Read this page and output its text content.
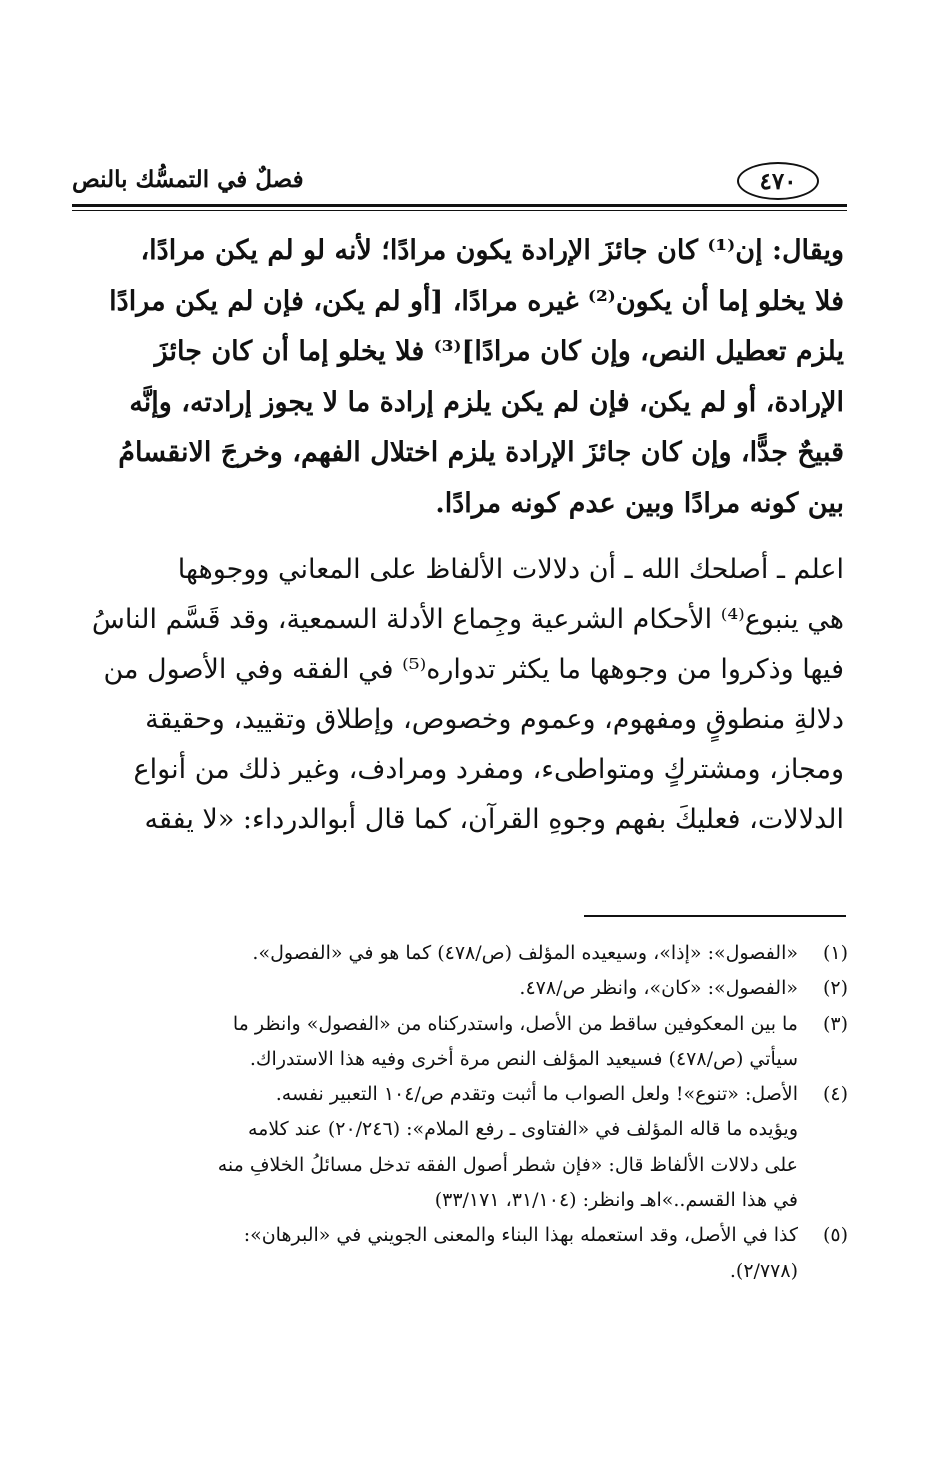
٤٧٠
فصلٌ في التمسُّك بالنص
ويقال: إن⁽¹⁾ كان جائزَ الإرادة يكون مرادًا؛ لأنه لو لم يكن مرادًا،
فلا يخلو إما أن يكون⁽²⁾ غيره مرادًا، [أو لم يكن، فإن لم يكن مرادًا
يلزم تعطيل النص، وإن كان مرادًا]⁽³⁾ فلا يخلو إما أن كان جائزَ
الإرادة، أو لم يكن، فإن لم يكن يلزم إرادة ما لا يجوز إرادته، وإنَّه
قبيحٌ جدًّا، وإن كان جائزَ الإرادة يلزم اختلال الفهم، وخرجَ الانقسامُ
بين كونه مرادًا وبين عدم كونه مرادًا.
اعلم ـ أصلحك الله ـ أن دلالات الألفاظ على المعاني ووجوهها
هي ينبوع⁽⁴⁾ الأحكام الشرعية وجِماع الأدلة السمعية، وقد قَسَّم الناسُ
فيها وذكروا من وجوهها ما يكثر تدواره⁽⁵⁾ في الفقه وفي الأصول من
دلالةِ منطوقٍ ومفهوم، وعموم وخصوص، وإطلاق وتقييد، وحقيقة
ومجاز، ومشتركٍ ومتواطىء، ومفرد ومرادف، وغير ذلك من أنواع
الدلالات، فعليكَ بفهم وجوهِ القرآن، كما قال أبوالدرداء: «لا يفقه
(١)
«الفصول»: «إذا»، وسيعيده المؤلف (ص/٤٧٨) كما هو في «الفصول».
(٢)
«الفصول»: «كان»، وانظر ص/٤٧٨.
(٣)
ما بين المعكوفين ساقط من الأصل، واستدركناه من «الفصول» وانظر ما
سيأتي (ص/٤٧٨) فسيعيد المؤلف النص مرة أخرى وفيه هذا الاستدراك.
(٤)
الأصل: «تنوع»! ولعل الصواب ما أثبت وتقدم ص/١٠٤ التعبير نفسه.
ويؤيده ما قاله المؤلف في «الفتاوى ـ رفع الملام»: (٢٠/٢٤٦) عند كلامه
على دلالات الألفاظ قال: «فإن شطر أصول الفقه تدخل مسائلُ الخلافِ منه
في هذا القسم..»اهـ وانظر: (٣١/١٠٤، ٣٣/١٧١)
(٥)
كذا في الأصل، وقد استعمله بهذا البناء والمعنى الجويني في «البرهان»:
(٢/٧٧٨).
